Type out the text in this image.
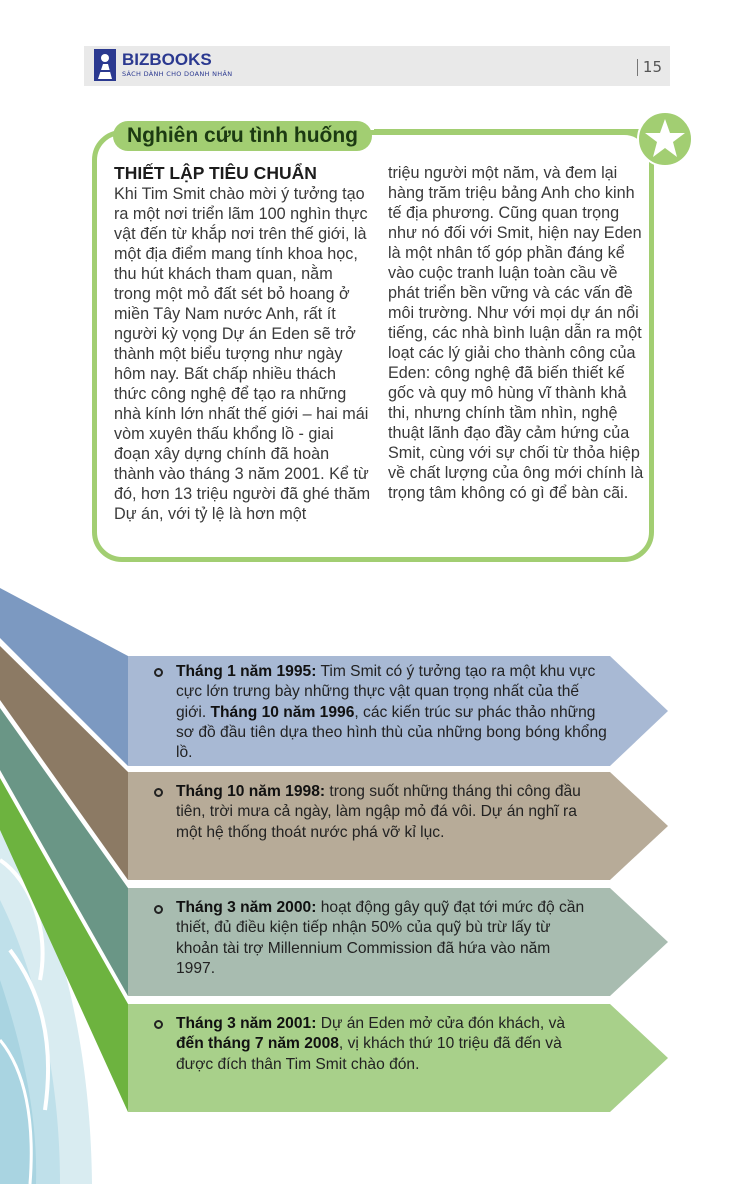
BIZBOOKS
SÁCH DÀNH CHO DOANH NHÂN	15
Nghiên cứu tình huống
THIẾT LẬP TIÊU CHUẨN

Khi Tim Smit chào mời ý tưởng tạo ra một nơi triển lãm 100 nghìn thực vật đến từ khắp nơi trên thế giới, là một địa điểm mang tính khoa học, thu hút khách tham quan, nằm trong một mỏ đất sét bỏ hoang ở miền Tây Nam nước Anh, rất ít người kỳ vọng Dự án Eden sẽ trở thành một biểu tượng như ngày hôm nay. Bất chấp nhiều thách thức công nghệ để tạo ra những nhà kính lớn nhất thế giới – hai mái vòm xuyên thấu khổng lồ - giai đoạn xây dựng chính đã hoàn thành vào tháng 3 năm 2001. Kể từ đó, hơn 13 triệu người đã ghé thăm Dự án, với tỷ lệ là hơn một

triệu người một năm, và đem lại hàng trăm triệu bảng Anh cho kinh tế địa phương. Cũng quan trọng như nó đối với Smit, hiện nay Eden là một nhân tố góp phần đáng kể vào cuộc tranh luận toàn cầu về phát triển bền vững và các vấn đề môi trường. Như với mọi dự án nổi tiếng, các nhà bình luận dẫn ra một loạt các lý giải cho thành công của Eden: công nghệ đã biến thiết kế gốc và quy mô hùng vĩ thành khả thi, nhưng chính tầm nhìn, nghệ thuật lãnh đạo đầy cảm hứng của Smit, cùng với sự chối từ thỏa hiệp về chất lượng của ông mới chính là trọng tâm không có gì để bàn cãi.

Tháng 1 năm 1995: Tim Smit có ý tưởng tạo ra một khu vực cực lớn trưng bày những thực vật quan trọng nhất của thế giới. Tháng 10 năm 1996, các kiến trúc sư phác thảo những sơ đồ đầu tiên dựa theo hình thù của những bong bóng khổng lồ.
Tháng 10 năm 1998: trong suốt những tháng thi công đầu tiên, trời mưa cả ngày, làm ngập mỏ đá vôi. Dự án nghĩ ra một hệ thống thoát nước phá vỡ kỉ lục.
Tháng 3 năm 2000: hoạt động gây quỹ đạt tới mức độ cần thiết, đủ điều kiện tiếp nhận 50% của quỹ bù trừ lấy từ khoản tài trợ Millennium Commission đã hứa vào năm 1997.
Tháng 3 năm 2001: Dự án Eden mở cửa đón khách, và đến tháng 7 năm 2008, vị khách thứ 10 triệu đã đến và được đích thân Tim Smit chào đón.
